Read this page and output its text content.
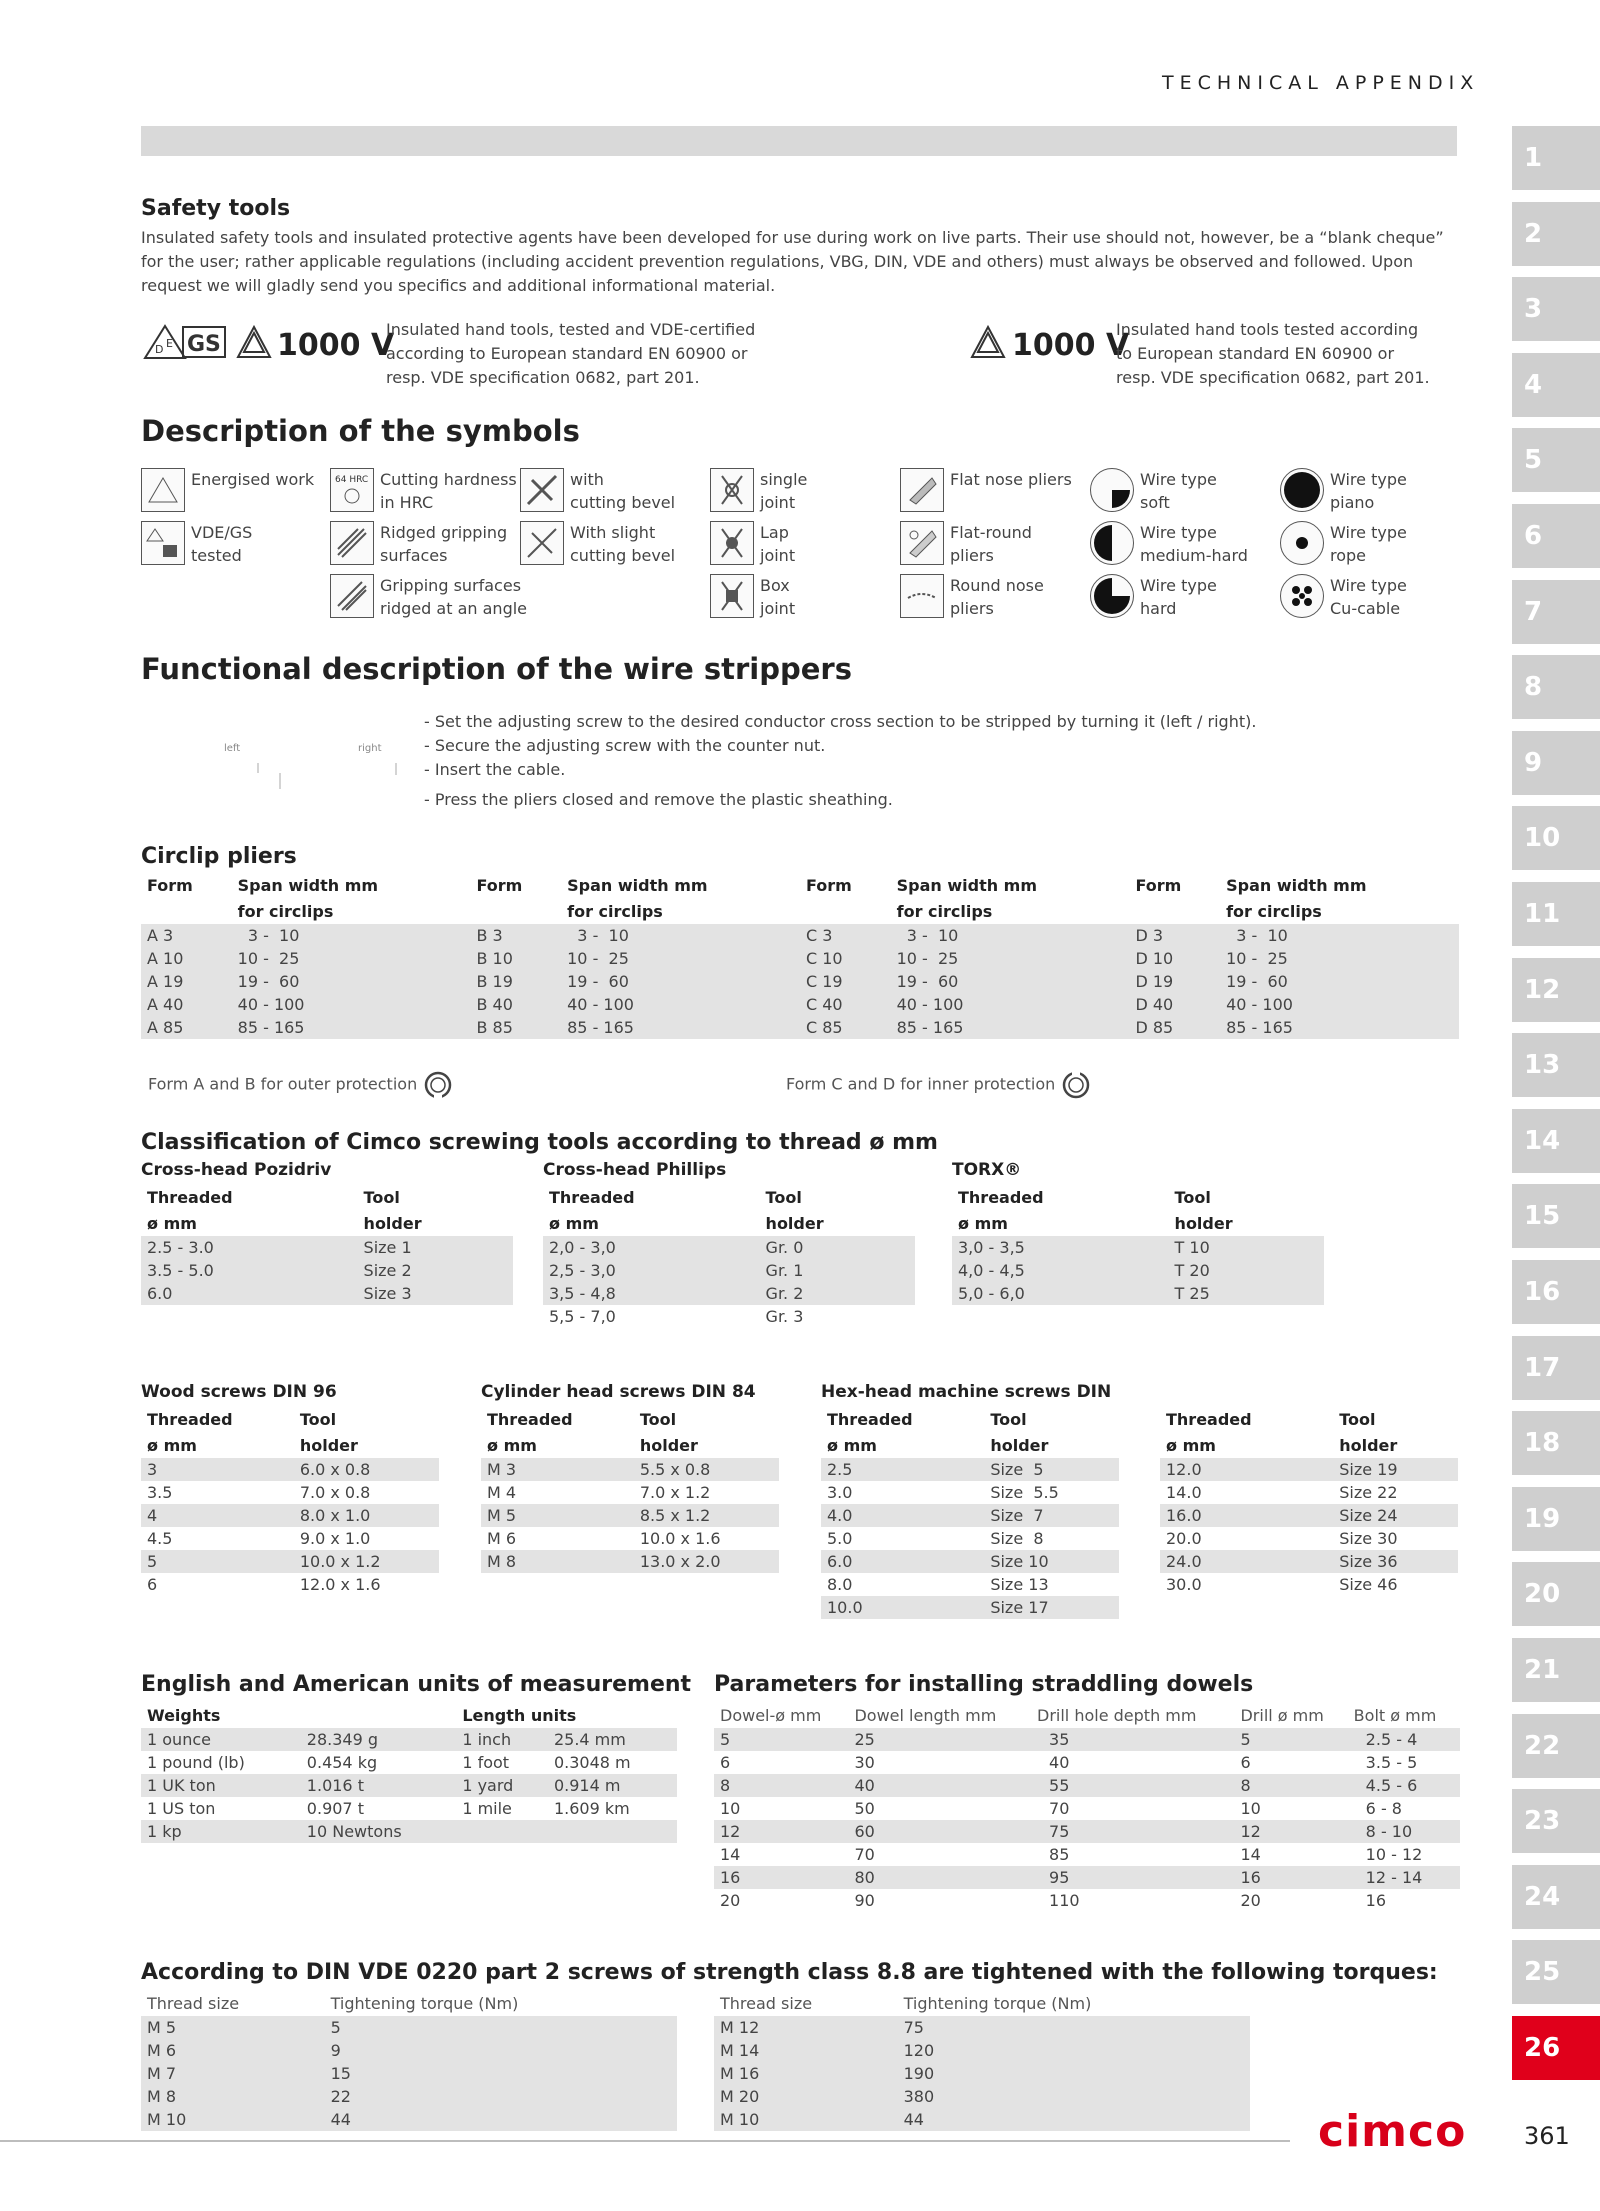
TECHNICAL APPENDIX
1
2
3
4
5
6
7
8
9
10
11
12
13
14
15
16
17
18
19
20
21
22
23
24
25
26
Safety tools

Insulated safety tools and insulated protective agents have been developed for use during work on live parts. Their use should not, however, be a “blank cheque” for the user; rather applicable regulations (including accident prevention regulations, VBG, DIN, VDE and others) must always be observed and followed. Upon request we will gladly send you specifics and additional informational material.

D E GS 1000 V

Insulated hand tools, tested and VDE-certified according to European standard EN 60900 or resp. VDE specification 0682, part 201.

1000 V

Insulated hand tools tested according to European standard EN 60900 or resp. VDE specification 0682, part 201.

Description of the symbols
Energised work
VDE/GS
tested
64 HRC Cutting hardness
in HRC
Ridged gripping
surfaces
Gripping surfaces
ridged at an angle
with
cutting bevel
With slight
cutting bevel
single
joint
Lap
joint
Box
joint
Flat nose pliers
Flat-round
pliers
Round nose
pliers
Wire type
soft
Wire type
medium-hard
Wire type
hard
Wire type
piano
Wire type
rope
Wire type
Cu-cable
Functional description of the wire strippers
left	right
- Set the adjusting screw to the desired conductor cross section to be stripped by turning it (left / right).
- Secure the adjusting screw with the counter nut.
- Insert the cable.
- Press the pliers closed and remove the plastic sheathing.
Circlip pliers
Form	Span width mm	Form	Span width mm	Form	Span width mm	Form	Span width mm
	for circlips		for circlips		for circlips		for circlips
A 3	3 -  10	B 3	3 -  10	C 3	3 -  10	D 3	3 -  10
A 10	10 -  25	B 10	10 -  25	C 10	10 -  25	D 10	10 -  25
A 19	19 -  60	B 19	19 -  60	C 19	19 -  60	D 19	19 -  60
A 40	40 - 100	B 40	40 - 100	C 40	40 - 100	D 40	40 - 100
A 85	85 - 165	B 85	85 - 165	C 85	85 - 165	D 85	85 - 165
Form A and B for outer protection	Form C and D for inner protection
Classification of Cimco screwing tools according to thread ø mm
Cross-head Pozidriv	Cross-head Phillips	TORX®
Threaded	Tool
ø mm	holder
2.5 - 3.0	Size 1
3.5 - 5.0	Size 2
6.0	Size 3
Threaded	Tool
ø mm	holder
2,0 - 3,0	Gr. 0
2,5 - 3,0	Gr. 1
3,5 - 4,8	Gr. 2
5,5 - 7,0	Gr. 3
Threaded	Tool
ø mm	holder
3,0 - 3,5	T 10
4,0 - 4,5	T 20
5,0 - 6,0	T 25
Wood screws DIN 96	Cylinder head screws DIN 84	Hex-head machine screws DIN
Threaded	Tool
ø mm	holder
3	6.0 x 0.8
3.5	7.0 x 0.8
4	8.0 x 1.0
4.5	9.0 x 1.0
5	10.0 x 1.2
6	12.0 x 1.6
Threaded	Tool
ø mm	holder
M 3	5.5 x 0.8
M 4	7.0 x 1.2
M 5	8.5 x 1.2
M 6	10.0 x 1.6
M 8	13.0 x 2.0
Threaded	Tool
ø mm	holder
2.5	Size  5
3.0	Size  5.5
4.0	Size  7
5.0	Size  8
6.0	Size 10
8.0	Size 13
10.0	Size 17
Threaded	Tool
ø mm	holder
12.0	Size 19
14.0	Size 22
16.0	Size 24
20.0	Size 30
24.0	Size 36
30.0	Size 46
English and American units of measurement
Weights		Length units	
1 ounce	28.349 g	1 inch	25.4 mm
1 pound (lb)	0.454 kg	1 foot	0.3048 m
1 UK ton	1.016 t	1 yard	0.914 m
1 US ton	0.907 t	1 mile	1.609 km
1 kp	10 Newtons		
Parameters for installing straddling dowels
Dowel-ø mm	Dowel length mm	Drill hole depth mm	Drill ø mm	Bolt ø mm
5	25	35	5	2.5 - 4
6	30	40	6	3.5 - 5
8	40	55	8	4.5 - 6
10	50	70	10	6 - 8
12	60	75	12	8 - 10
14	70	85	14	10 - 12
16	80	95	16	12 - 14
20	90	110	20	16
According to DIN VDE 0220 part 2 screws of strength class 8.8 are tightened with the following torques:
Thread size	Tightening torque (Nm)
M 5	5
M 6	9
M 7	15
M 8	22
M 10	44
Thread size	Tightening torque (Nm)
M 12	75
M 14	120
M 16	190
M 20	380
M 10	44	cimco 361
